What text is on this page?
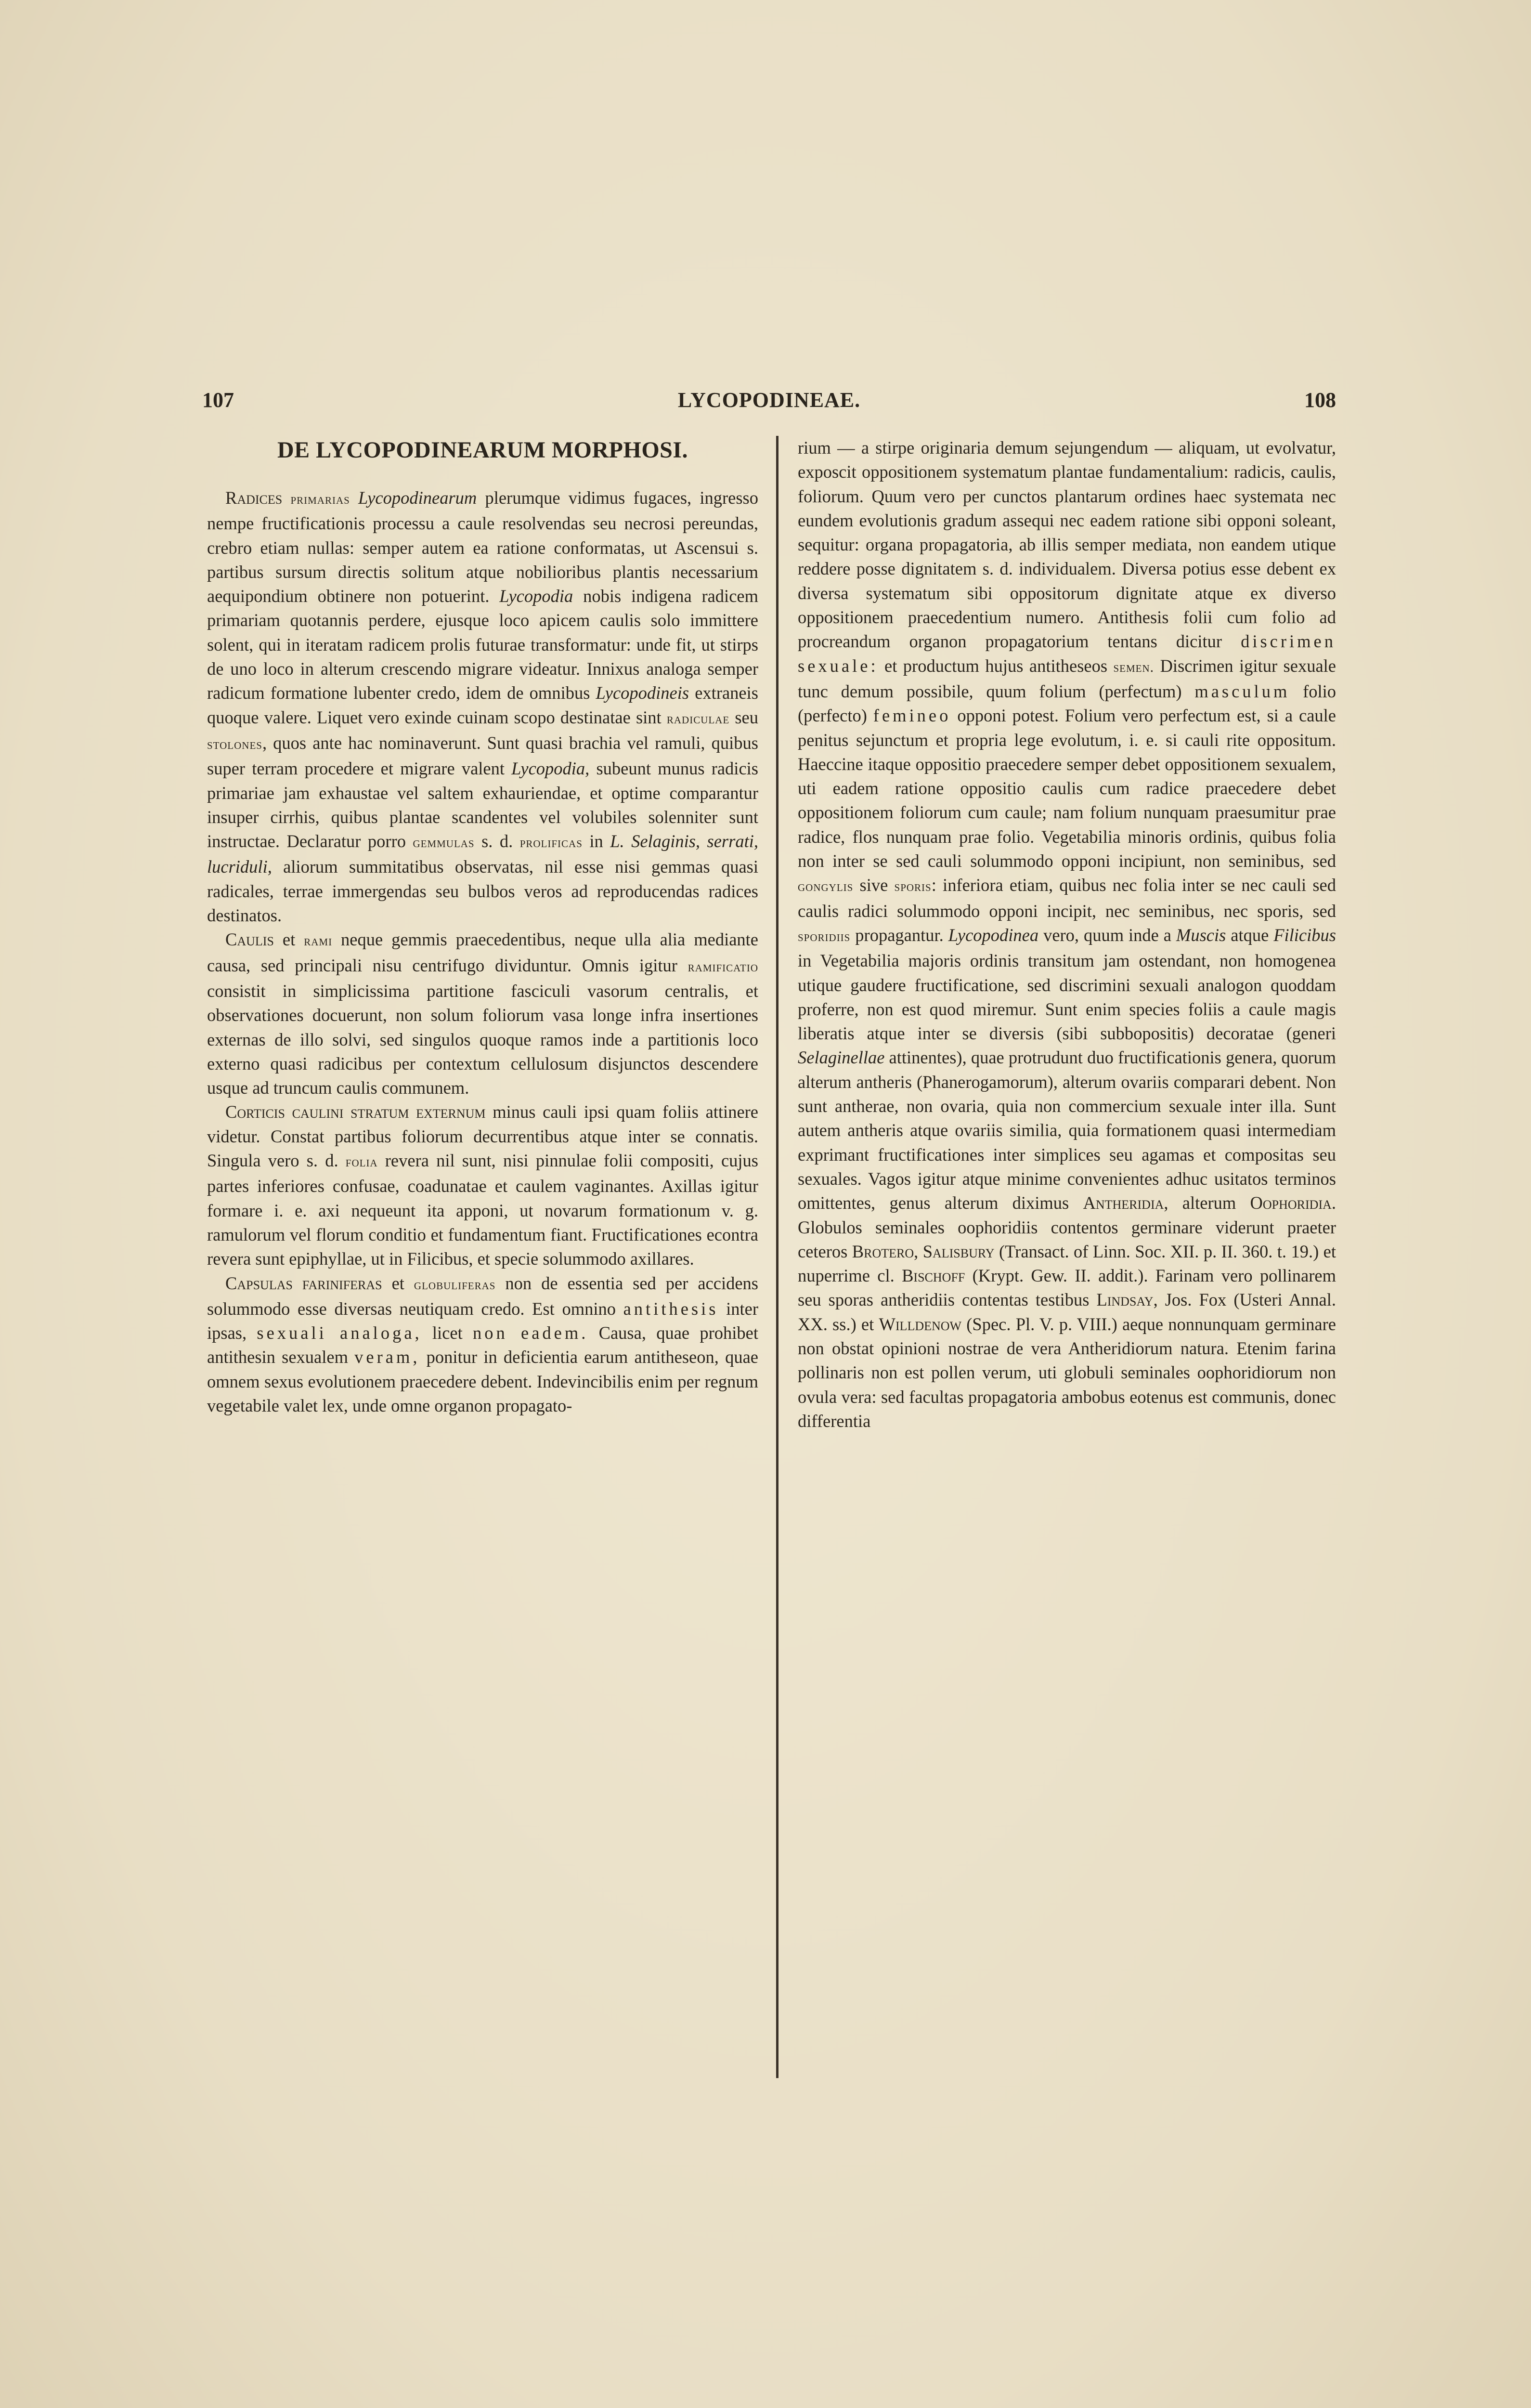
107	LYCOPODINEAE.	108
DE LYCOPODINEARUM MORPHOSI.

Radices primarias Lycopodinearum plerumque vidimus fugaces, ingresso nempe fructificationis processu a caule resolvendas seu necrosi pereundas, crebro etiam nullas: semper autem ea ratione conformatas, ut Ascensui s. partibus sursum directis solitum atque nobilioribus plantis necessarium aequipondium obtinere non potuerint. Lycopodia nobis indigena radicem primariam quotannis perdere, ejusque loco apicem caulis solo immittere solent, qui in iteratam radicem prolis futurae transformatur: unde fit, ut stirps de uno loco in alterum crescendo migrare videatur. Innixus analoga semper radicum formatione lubenter credo, idem de omnibus Lycopodineis extraneis quoque valere. Liquet vero exinde cuinam scopo destinatae sint radiculae seu stolones, quos ante hac nominaverunt. Sunt quasi brachia vel ramuli, quibus super terram procedere et migrare valent Lycopodia, subeunt munus radicis primariae jam exhaustae vel saltem exhauriendae, et optime comparantur insuper cirrhis, quibus plantae scandentes vel volubiles solenniter sunt instructae. Declaratur porro gemmulas s. d. prolificas in L. Selaginis, serrati, lucriduli, aliorum summitatibus observatas, nil esse nisi gemmas quasi radicales, terrae immergendas seu bulbos veros ad reproducendas radices destinatos.

Caulis et rami neque gemmis praecedentibus, neque ulla alia mediante causa, sed principali nisu centrifugo dividuntur. Omnis igitur ramificatio consistit in simplicissima partitione fasciculi vasorum centralis, et observationes docuerunt, non solum foliorum vasa longe infra insertiones externas de illo solvi, sed singulos quoque ramos inde a partitionis loco externo quasi radicibus per contextum cellulosum disjunctos descendere usque ad truncum caulis communem.

Corticis caulini stratum externum minus cauli ipsi quam foliis attinere videtur. Constat partibus foliorum decurrentibus atque inter se connatis. Singula vero s. d. folia revera nil sunt, nisi pinnulae folii compositi, cujus partes inferiores confusae, coadunatae et caulem vaginantes. Axillas igitur formare i. e. axi nequeunt ita apponi, ut novarum formationum v. g. ramulorum vel florum conditio et fundamentum fiant. Fructificationes econtra revera sunt epiphyllae, ut in Filicibus, et specie solummodo axillares.

Capsulas fariniferas et globuliferas non de essentia sed per accidens solummodo esse diversas neutiquam credo. Est omnino antithesis inter ipsas, sexuali analoga, licet non eadem. Causa, quae prohibet antithesin sexualem veram, ponitur in deficientia earum antitheseon, quae omnem sexus evolutionem praecedere debent. Indevincibilis enim per regnum vegetabile valet lex, unde omne organon propagato-

rium — a stirpe originaria demum sejungendum — aliquam, ut evolvatur, exposcit oppositionem systematum plantae fundamentalium: radicis, caulis, foliorum. Quum vero per cunctos plantarum ordines haec systemata nec eundem evolutionis gradum assequi nec eadem ratione sibi opponi soleant, sequitur: organa propagatoria, ab illis semper mediata, non eandem utique reddere posse dignitatem s. d. individualem. Diversa potius esse debent ex diversa systematum sibi oppositorum dignitate atque ex diverso oppositionem praecedentium numero. Antithesis folii cum folio ad procreandum organon propagatorium tentans dicitur discrimen sexuale: et productum hujus antitheseos semen. Discrimen igitur sexuale tunc demum possibile, quum folium (perfectum) masculum folio (perfecto) femineo opponi potest. Folium vero perfectum est, si a caule penitus sejunctum et propria lege evolutum, i. e. si cauli rite oppositum. Haeccine itaque oppositio praecedere semper debet oppositionem sexualem, uti eadem ratione oppositio caulis cum radice praecedere debet oppositionem foliorum cum caule; nam folium nunquam praesumitur prae radice, flos nunquam prae folio. Vegetabilia minoris ordinis, quibus folia non inter se sed cauli solummodo opponi incipiunt, non seminibus, sed gongylis sive sporis: inferiora etiam, quibus nec folia inter se nec cauli sed caulis radici solummodo opponi incipit, nec seminibus, nec sporis, sed sporidiis propagantur. Lycopodinea vero, quum inde a Muscis atque Filicibus in Vegetabilia majoris ordinis transitum jam ostendant, non homogenea utique gaudere fructificatione, sed discrimini sexuali analogon quoddam proferre, non est quod miremur. Sunt enim species foliis a caule magis liberatis atque inter se diversis (sibi subbopositis) decoratae (generi Selaginellae attinentes), quae protrudunt duo fructificationis genera, quorum alterum antheris (Phanerogamorum), alterum ovariis comparari debent. Non sunt antherae, non ovaria, quia non commercium sexuale inter illa. Sunt autem antheris atque ovariis similia, quia formationem quasi intermediam exprimant fructificationes inter simplices seu agamas et compositas seu sexuales. Vagos igitur atque minime convenientes adhuc usitatos terminos omittentes, genus alterum diximus Antheridia, alterum Oophoridia. Globulos seminales oophoridiis contentos germinare viderunt praeter ceteros Brotero, Salisbury (Transact. of Linn. Soc. XII. p. II. 360. t. 19.) et nuperrime cl. Bischoff (Krypt. Gew. II. addit.). Farinam vero pollinarem seu sporas antheridiis contentas testibus Lindsay, Jos. Fox (Usteri Annal. XX. ss.) et Willdenow (Spec. Pl. V. p. VIII.) aeque nonnunquam germinare non obstat opinioni nostrae de vera Antheridiorum natura. Etenim farina pollinaris non est pollen verum, uti globuli seminales oophoridiorum non ovula vera: sed facultas propagatoria ambobus eotenus est communis, donec differentia
